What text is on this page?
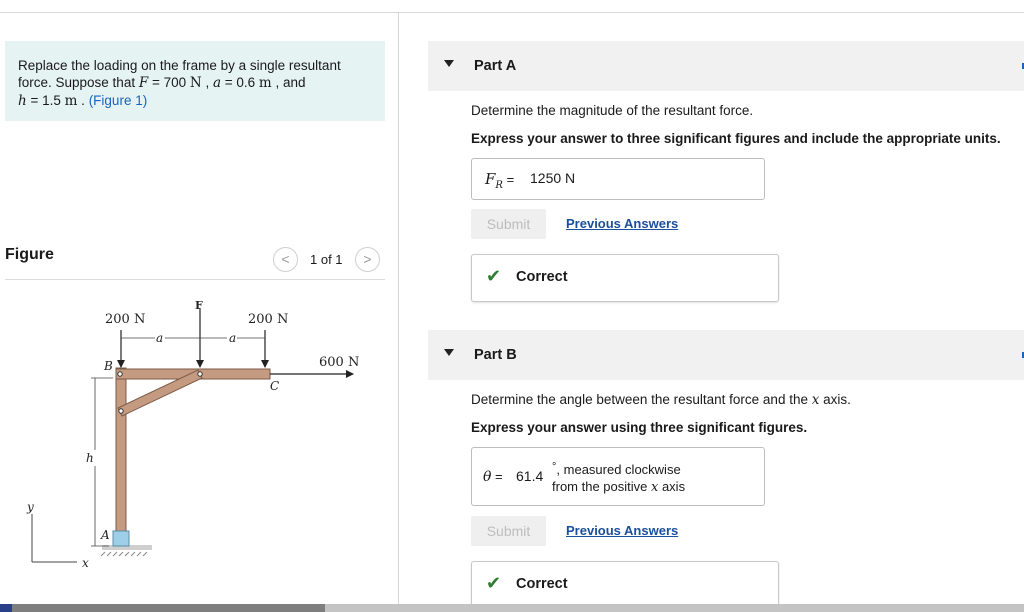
Replace the loading on the frame by a single resultant force. Suppose that F = 700 N , a = 0.6 m , and
h = 1.5 m . (Figure 1)
Figure	<	1 of 1	>
200 N
F
200 N
600 N
a	a
B
C
A
h
y
x
Part A
Determine the magnitude of the resultant force.
Express your answer to three significant figures and include the appropriate units.
$F_R = 1250$ N
Submit	Previous Answers
✔ Correct
Part B
Determine the angle between the resultant force and the x axis.
Express your answer using three significant figures.
θ = 61.4
°, measured clockwise
from the positive x axis
Submit	Previous Answers
✔ Correct
